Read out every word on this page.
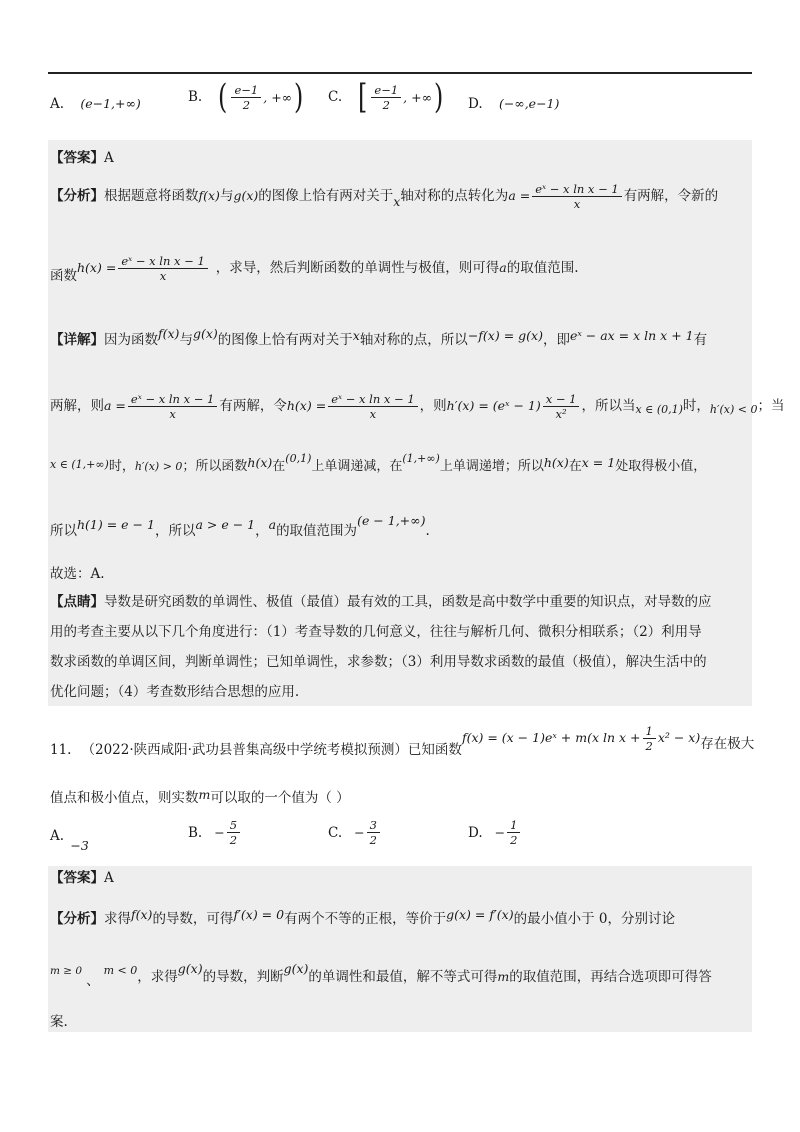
A. (e−1,+∞)	B. ( $\frac{e-1}{2}$ , +∞ ) C. [ $\frac{e-1}{2}$ , +∞ ) D. (−∞,e−1)
【答案】A
【分析】 根据题意将函数 f(x) 与 g(x) 的图像上恰有两对关于 x 轴对称的点转化为 $a = \frac{\text{eˣ − x ln x − 1}}{x}$ 有两解，令新的
函数
$h(x) = \frac{\text{eˣ − x ln x − 1}}{x}$ ，求导，然后判断函数的单调性与极值，则可得 a 的取值范围.
【详解】 因为函数 f(x) 与 g(x) 的图像上恰有两对关于 x 轴对称的点，所以 −f(x) = g(x) ，即 eˣ − ax = x ln x + 1 有
两解，则 $a = \frac{\text{eˣ − x ln x − 1}}{x}$ 有两解，令 $h(x) = \frac{\text{eˣ − x ln x − 1}}{x}$ ，则 h′(x) = (eˣ − $1) \frac{x - 1}{\text{x²}}$ ，所以当 x ∈ (0,1) 时， h′(x) < 0 ；当
x ∈ (1,+∞) 时， h′(x) > 0 ；所以函数 h(x) 在
(0,1)
上单调递减，在
(1,+∞)
上单调递增；所以 h(x) 在 x = 1 处取得极小值，
所以 h(1) = e − 1 ，所以 a > e − 1 ， a 的取值范围为
(e − 1,+∞)
.
故选：A.
【点睛】导数是研究函数的单调性、极值（最值）最有效的工具，函数是高中数学中重要的知识点，对导数的应
用的考查主要从以下几个角度进行：（1）考查导数的几何意义，往往与解析几何、微积分相联系；（2）利用导
数求函数的单调区间，判断单调性；已知单调性，求参数；（3）利用导数求函数的最值（极值），解决生活中的
优化问题；（4）考查数形结合思想的应用.
11. （2022·陕西咸阳·武功县普集高级中学统考模拟预测）已知函数
f(x) = (x − 1)eˣ + m(x $\ln x + \frac{1}{2} x^2 - x$) 存在极大
值点和极小值点，则实数m可以取的一个值为（ ）
A. −3
B. − $\frac{5}{2}$	C. − $\frac{3}{2}$	D. − $\frac{1}{2}$
【答案】A
【分析】 求得 f(x) 的导数，可得 f′(x) = 0 有两个不等的正根，等价于 g(x) = f′(x) 的最小值小于 0，分别讨论
m ≥ 0
、
m < 0 ，求得
g(x)
的导数，判断
g(x)
的单调性和最值，解不等式可得 m 的取值范围，再结合选项即可得答
案.
